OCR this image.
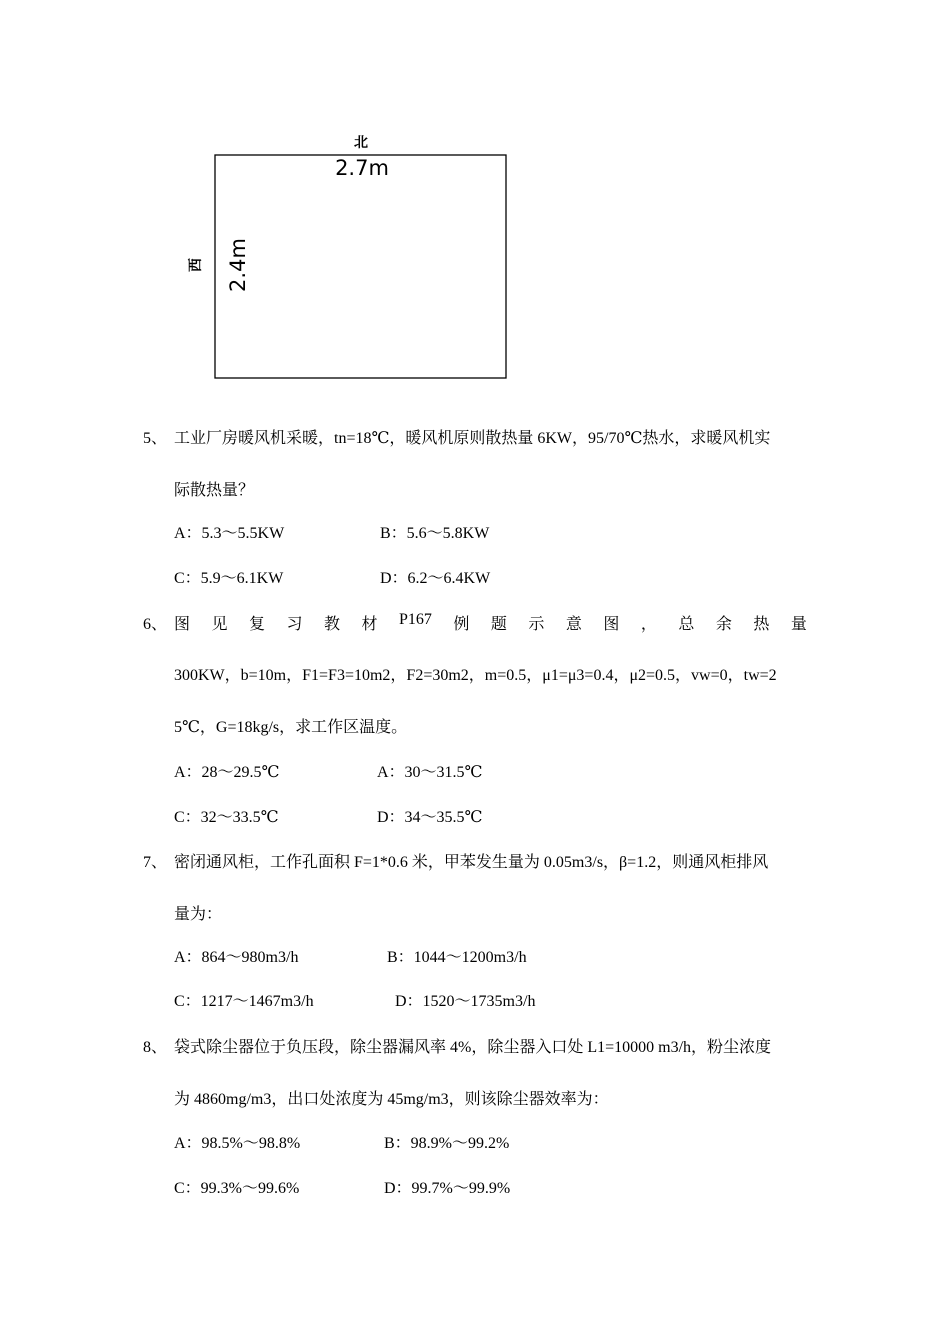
北
西
2.7m
2.4m
5、 工业厂房暖风机采暖，tn=18℃，暖风机原则散热量 6KW，95/70℃热水，求暖风机实
际散热量？
A：5.3～5.5KW	B：5.6～5.8KW
C：5.9～6.1KW	D：6.2～6.4KW
6、 图 见 复 习 教 材 P167 例 题 示 意 图 ， 总 余 热 量
300KW，b=10m，F1=F3=10m2，F2=30m2，m=0.5，μ1=μ3=0.4，μ2=0.5，vw=0，tw=2
5℃，G=18kg/s，求工作区温度。
A：28～29.5℃	A：30～31.5℃
C：32～33.5℃	D：34～35.5℃
7、 密闭通风柜，工作孔面积 F=1*0.6 米，甲苯发生量为 0.05m3/s，β=1.2，则通风柜排风
量为：
A：864～980m3/h	B：1044～1200m3/h
C：1217～1467m3/h	D：1520～1735m3/h
8、 袋式除尘器位于负压段，除尘器漏风率 4%，除尘器入口处 L1=10000 m3/h，粉尘浓度
为 4860mg/m3，出口处浓度为 45mg/m3，则该除尘器效率为：
A：98.5%～98.8%	B：98.9%～99.2%
C：99.3%～99.6%	D：99.7%～99.9%
